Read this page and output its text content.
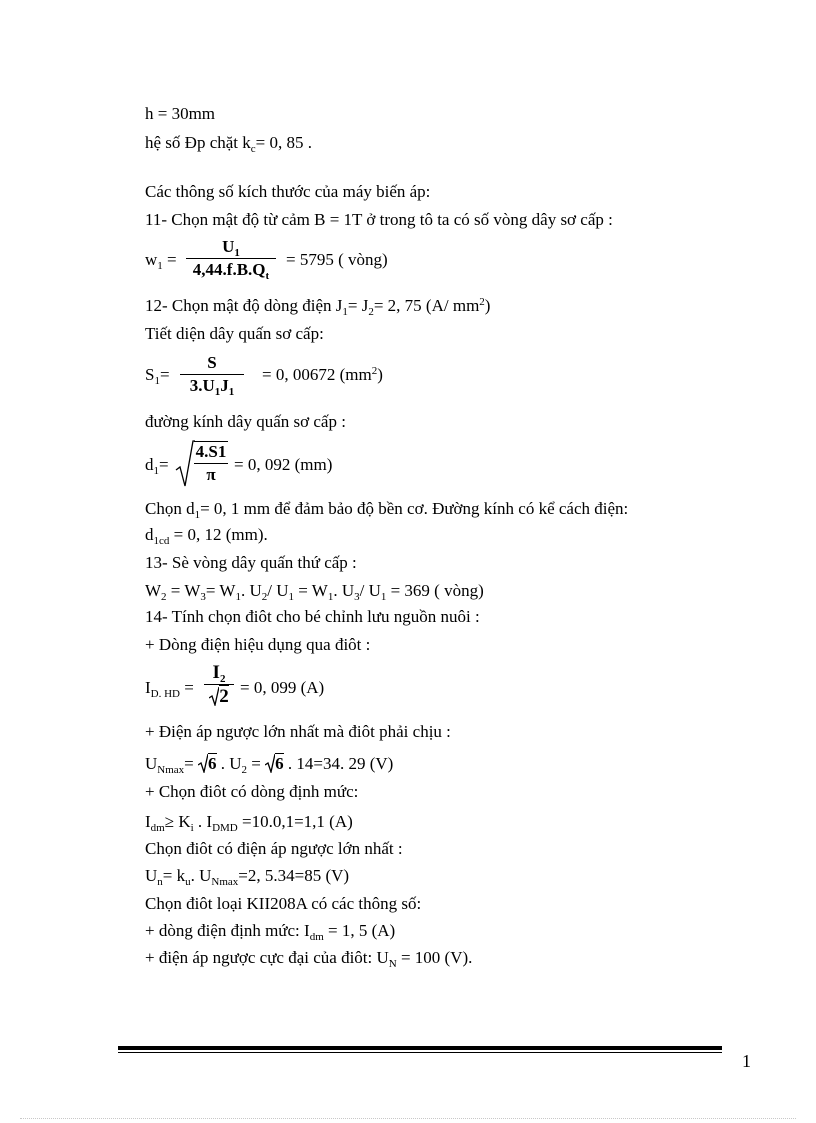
h = 30mm
hệ số Đp chặt $k_c= 0$, 85 .
Các thông số kích thước của máy biến áp:
11- Chọn mật độ từ cảm B = 1T ở trong tô ta có số vòng dây sơ cấp :
$w_1$ =
$U_1$
$4,44.f.B.Q_t$
= 5795 ( vòng)
12- Chọn mật độ dòng điện $J_1= J_2= 2$, 75 (A/ $mm^2$)
Tiết diện dây quấn sơ cấp:
$S_1=$
S
$3.U_1J_1$
= 0, 00672 $(mm^2)$
đường kính dây quấn sơ cấp :
$d_1=$
4.S1
π
= 0, 092 (mm)
Chọn $d_1= 0$, 1 mm để đảm bảo độ bền cơ. Đường kính có kể cách điện:
$d_{1cd} = 0$, 12 (mm).
13- Sè vòng dây quấn thứ cấp :
$W_2 = W_3= W_1$. $U_2/$ $U_1 = W_1$. $U_3/$ $U_1 = 369$ ( vòng)
14- Tính chọn điôt cho bé chỉnh lưu nguồn nuôi :
+ Dòng điện hiệu dụng qua điôt :
$I_{D. HD}$ =
$I_2$
2 = 0, 099 (A)
+ Điện áp ngược lớn nhất mà điôt phải chịu :
$U_{Nmax}= 6$ . $U_2 = 6$ . 14=34. 29 (V)
+ Chọn điôt có dòng định mức:
$I_{dm}\ge K_i$ . $I_{DMD} =10.0,1=1,1$ (A)
Chọn điôt có điện áp ngược lớn nhất :
$U_n= k_u$. $U_{Nmax}=2$, 5.34=85 (V)
Chọn điôt loại KII208A có các thông số:
+ dòng điện định mức: $I_{dm} = 1$, 5 (A)
+ điện áp ngược cực đại của điôt: $U_N = 100$ (V).
1
